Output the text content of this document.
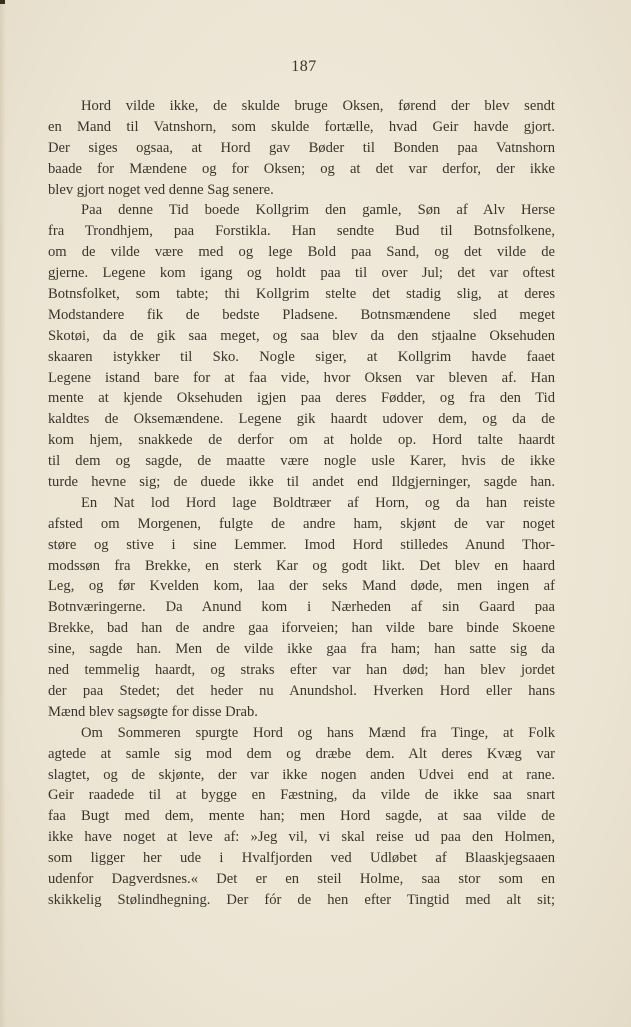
187
Hord vilde ikke, de skulde bruge Oksen, førend der blev sendt
en Mand til Vatnshorn, som skulde fortælle, hvad Geir havde gjort.
Der siges ogsaa, at Hord gav Bøder til Bonden paa Vatnshorn
baade for Mændene og for Oksen; og at det var derfor, der ikke
blev gjort noget ved denne Sag senere.
Paa denne Tid boede Kollgrim den gamle, Søn af Alv Herse
fra Trondhjem, paa Forstikla. Han sendte Bud til Botnsfolkene,
om de vilde være med og lege Bold paa Sand, og det vilde de
gjerne. Legene kom igang og holdt paa til over Jul; det var oftest
Botnsfolket, som tabte; thi Kollgrim stelte det stadig slig, at deres
Modstandere fik de bedste Pladsene. Botnsmændene sled meget
Skotøi, da de gik saa meget, og saa blev da den stjaalne Oksehuden
skaaren istykker til Sko. Nogle siger, at Kollgrim havde faaet
Legene istand bare for at faa vide, hvor Oksen var bleven af. Han
mente at kjende Oksehuden igjen paa deres Fødder, og fra den Tid
kaldtes de Oksemændene. Legene gik haardt udover dem, og da de
kom hjem, snakkede de derfor om at holde op. Hord talte haardt
til dem og sagde, de maatte være nogle usle Karer, hvis de ikke
turde hevne sig; de duede ikke til andet end Ildgjerninger, sagde han.
En Nat lod Hord lage Boldtræer af Horn, og da han reiste
afsted om Morgenen, fulgte de andre ham, skjønt de var noget
støre og stive i sine Lemmer. Imod Hord stilledes Anund Thor-
modssøn fra Brekke, en sterk Kar og godt likt. Det blev en haard
Leg, og før Kvelden kom, laa der seks Mand døde, men ingen af
Botnværingerne. Da Anund kom i Nærheden af sin Gaard paa
Brekke, bad han de andre gaa iforveien; han vilde bare binde Skoene
sine, sagde han. Men de vilde ikke gaa fra ham; han satte sig da
ned temmelig haardt, og straks efter var han død; han blev jordet
der paa Stedet; det heder nu Anundshol. Hverken Hord eller hans
Mænd blev sagsøgte for disse Drab.
Om Sommeren spurgte Hord og hans Mænd fra Tinge, at Folk
agtede at samle sig mod dem og dræbe dem. Alt deres Kvæg var
slagtet, og de skjønte, der var ikke nogen anden Udvei end at rane.
Geir raadede til at bygge en Fæstning, da vilde de ikke saa snart
faa Bugt med dem, mente han; men Hord sagde, at saa vilde de
ikke have noget at leve af: »Jeg vil, vi skal reise ud paa den Holmen,
som ligger her ude i Hvalfjorden ved Udløbet af Blaaskjegsaaen
udenfor Dagverdsnes.« Det er en steil Holme, saa stor som en
skikkelig Stølindhegning. Der fór de hen efter Tingtid med alt sit;
